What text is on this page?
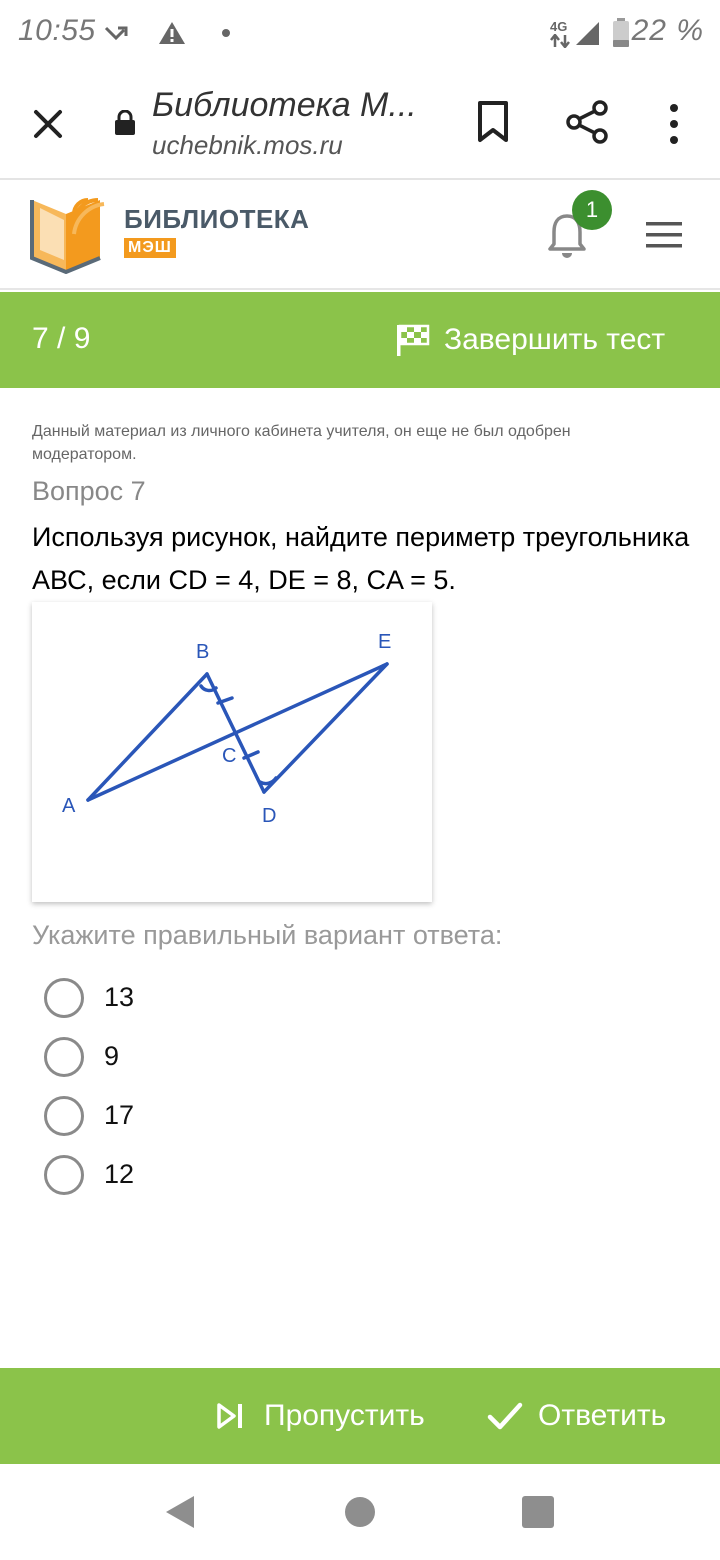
10:55	4G 22 %
Библиотека М...
uchebnik.mos.ru
БИБЛИОТЕКА
МЭШ
1
7 / 9	Завершить тест
Данный материал из личного кабинета учителя, он еще не был одобрен модератором.
Вопрос 7
Используя рисунок, найдите периметр треугольника АВС, если CD = 4, DE = 8, CA = 5.
A
B
C
D
E
Укажите правильный вариант ответа:
13
9
17
12
Пропустить	Ответить
